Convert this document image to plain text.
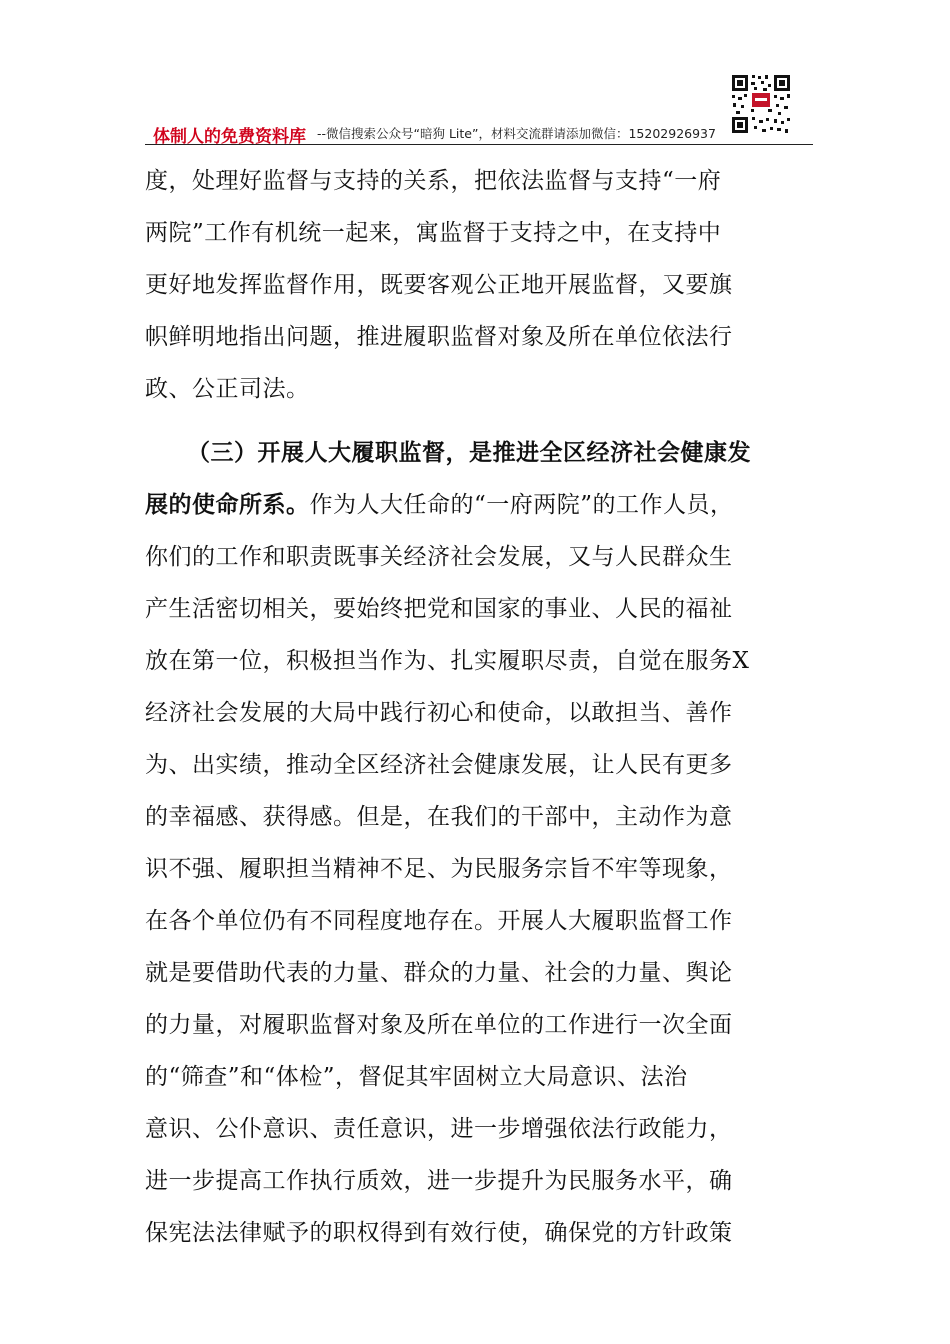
体制人的免费资料库 --微信搜索公众号“暗狗 Lite”，材料交流群请添加微信：15202926937
度，处理好监督与支持的关系，把依法监督与支持“一府
两院”工作有机统一起来，寓监督于支持之中，在支持中
更好地发挥监督作用，既要客观公正地开展监督，又要旗
帜鲜明地指出问题，推进履职监督对象及所在单位依法行
政、公正司法。
（三）开展人大履职监督，是推进全区经济社会健康发
展的使命所系。作为人大任命的“一府两院”的工作人员，
你们的工作和职责既事关经济社会发展，又与人民群众生
产生活密切相关，要始终把党和国家的事业、人民的福祉
放在第一位，积极担当作为、扎实履职尽责，自觉在服务X
经济社会发展的大局中践行初心和使命，以敢担当、善作
为、出实绩，推动全区经济社会健康发展，让人民有更多
的幸福感、获得感。但是，在我们的干部中，主动作为意
识不强、履职担当精神不足、为民服务宗旨不牢等现象，
在各个单位仍有不同程度地存在。开展人大履职监督工作
就是要借助代表的力量、群众的力量、社会的力量、舆论
的力量，对履职监督对象及所在单位的工作进行一次全面
的“筛查”和“体检”，督促其牢固树立大局意识、法治
意识、公仆意识、责任意识，进一步增强依法行政能力，
进一步提高工作执行质效，进一步提升为民服务水平，确
保宪法法律赋予的职权得到有效行使，确保党的方针政策
